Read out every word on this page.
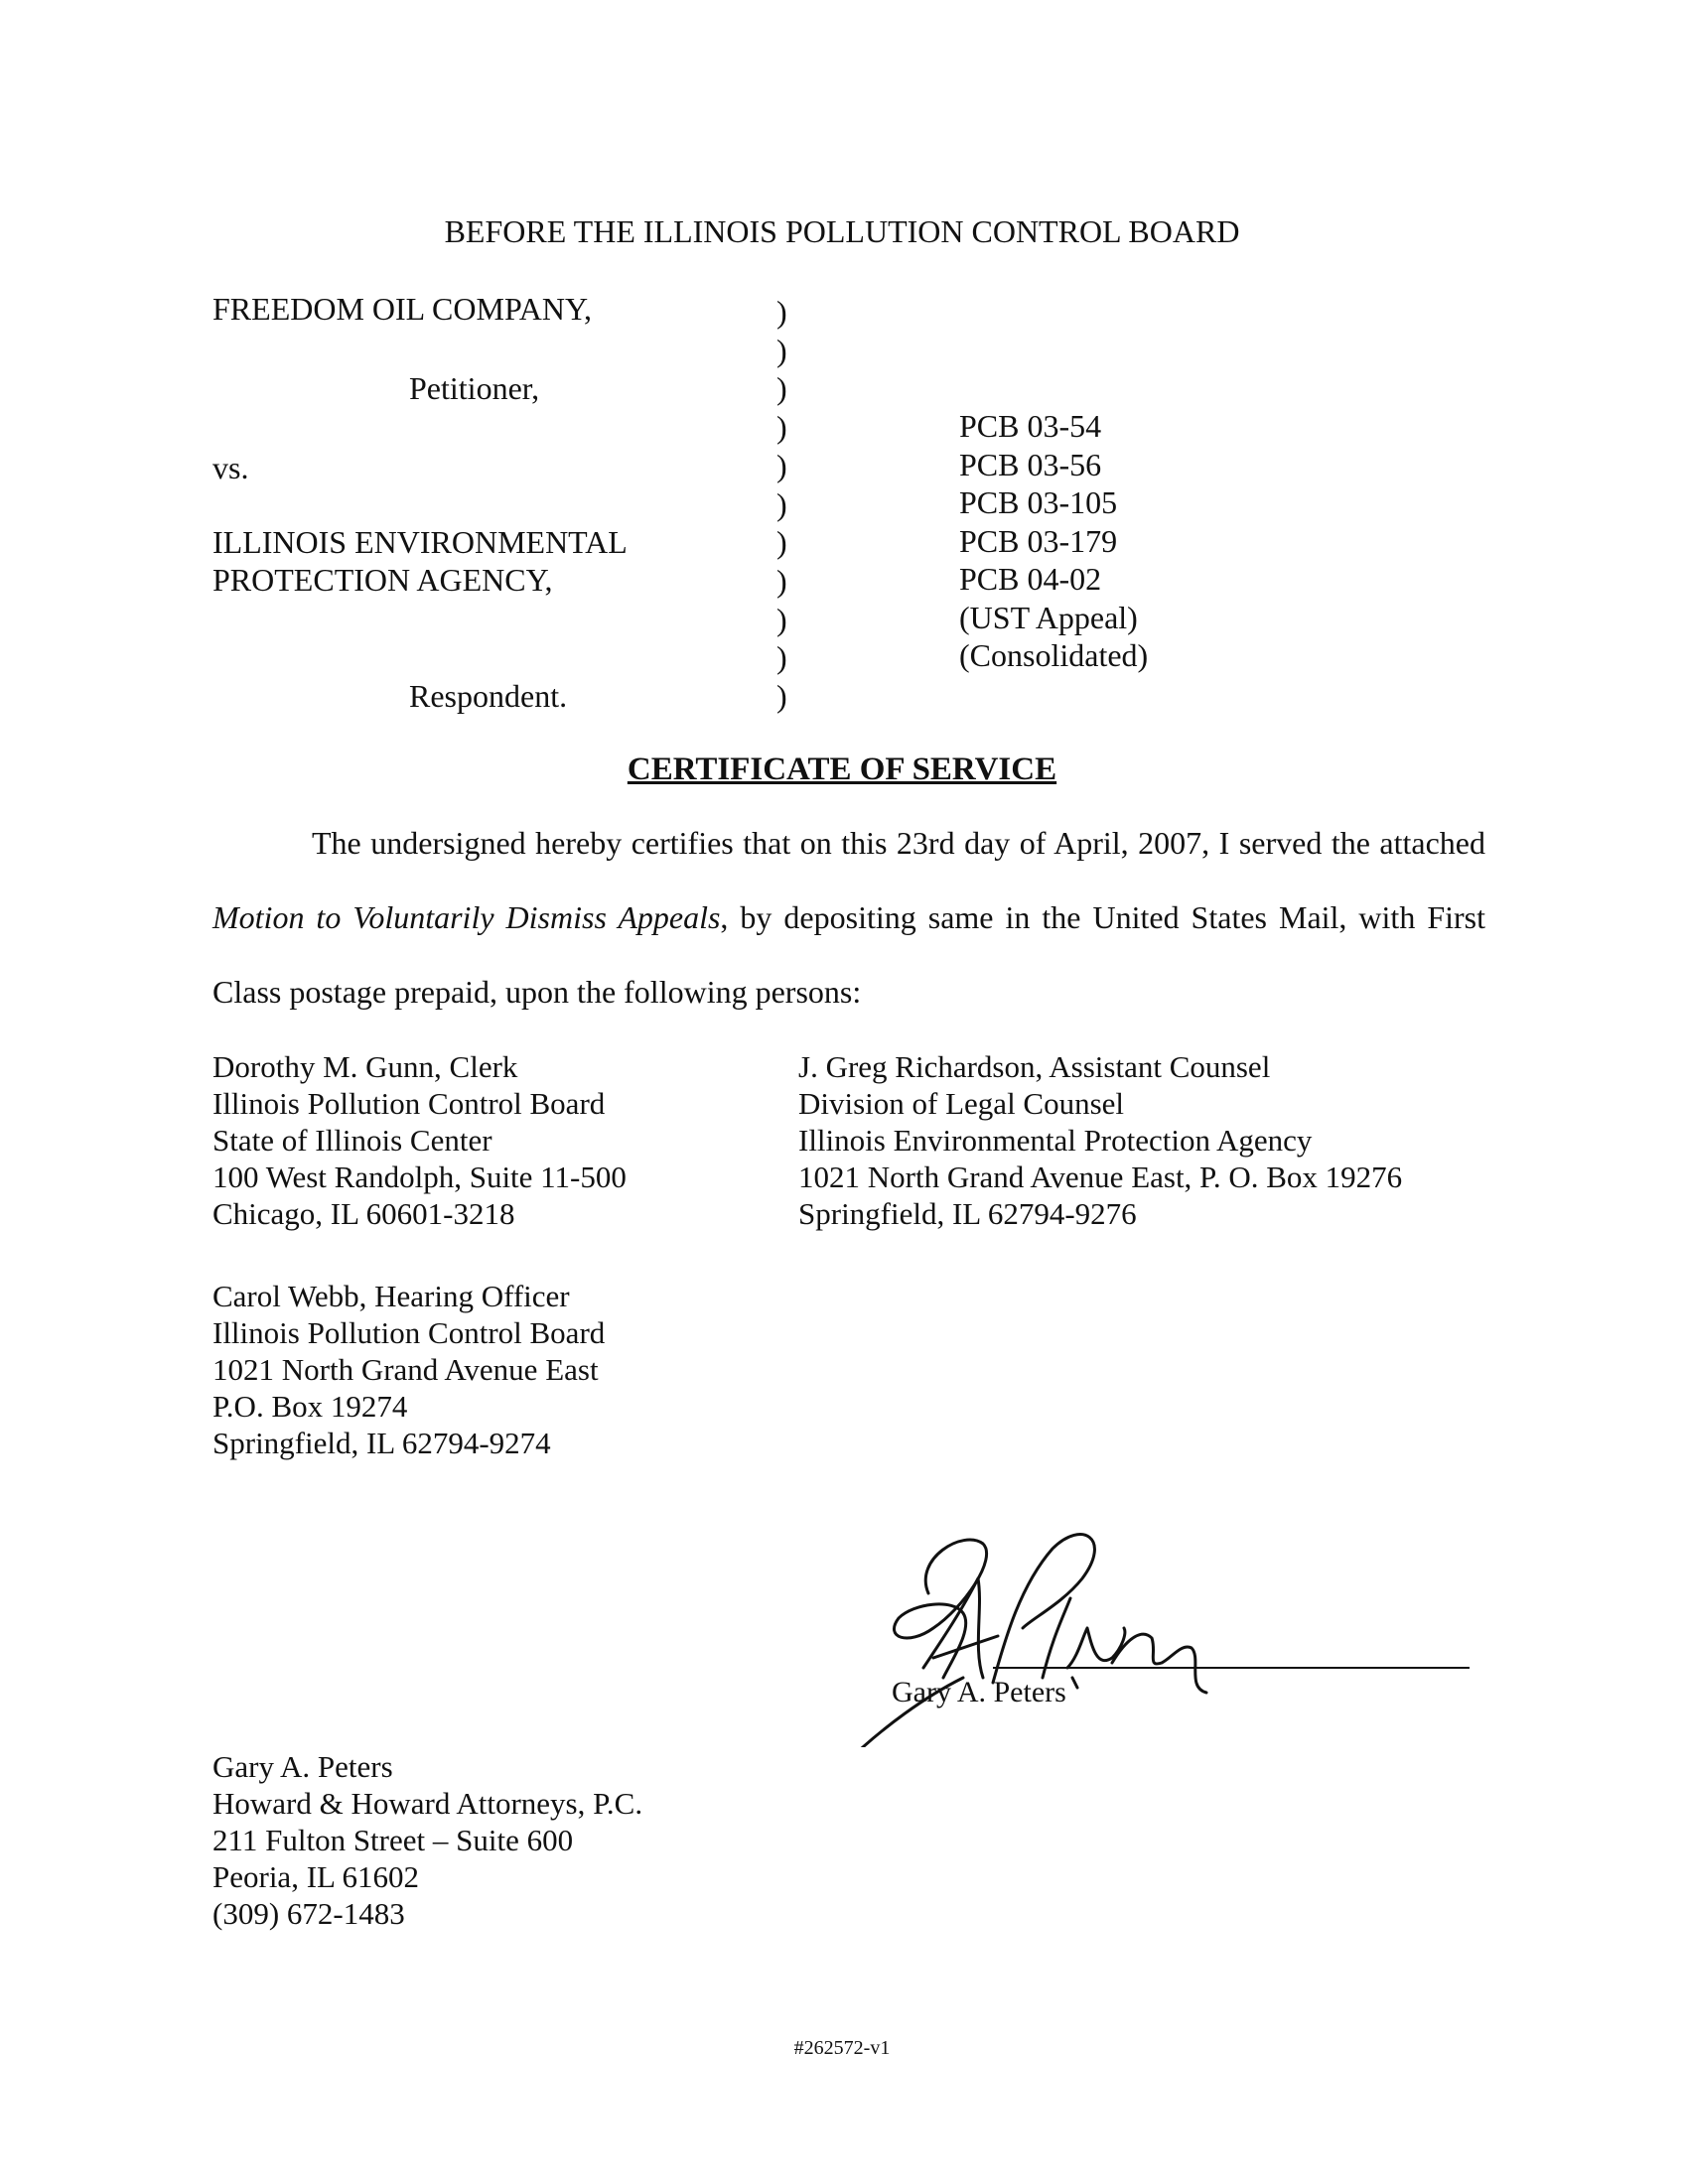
BEFORE THE ILLINOIS POLLUTION CONTROL BOARD
FREEDOM OIL COMPANY,
Petitioner,
vs.
ILLINOIS ENVIRONMENTAL
PROTECTION AGENCY,
Respondent.
)
)
)
)
)
)
)
)
)
)
)
PCB 03-54
PCB 03-56
PCB 03-105
PCB 03-179
PCB 04-02
(UST Appeal)
(Consolidated)
CERTIFICATE OF SERVICE
The undersigned hereby certifies that on this 23rd day of April, 2007, I served the attached
Motion to Voluntarily Dismiss Appeals, by depositing same in the United States Mail, with First
Class postage prepaid, upon the following persons:
Dorothy M. Gunn, Clerk
Illinois Pollution Control Board
State of Illinois Center
100 West Randolph, Suite 11-500
Chicago, IL 60601-3218
J. Greg Richardson, Assistant Counsel
Division of Legal Counsel
Illinois Environmental Protection Agency
1021 North Grand Avenue East, P. O. Box 19276
Springfield, IL 62794-9276
Carol Webb, Hearing Officer
Illinois Pollution Control Board
1021 North Grand Avenue East
P.O. Box 19274
Springfield, IL 62794-9274
Gary A. Peters
Gary A. Peters
Howard & Howard Attorneys, P.C.
211 Fulton Street – Suite 600
Peoria, IL 61602
(309) 672-1483
#262572-v1
